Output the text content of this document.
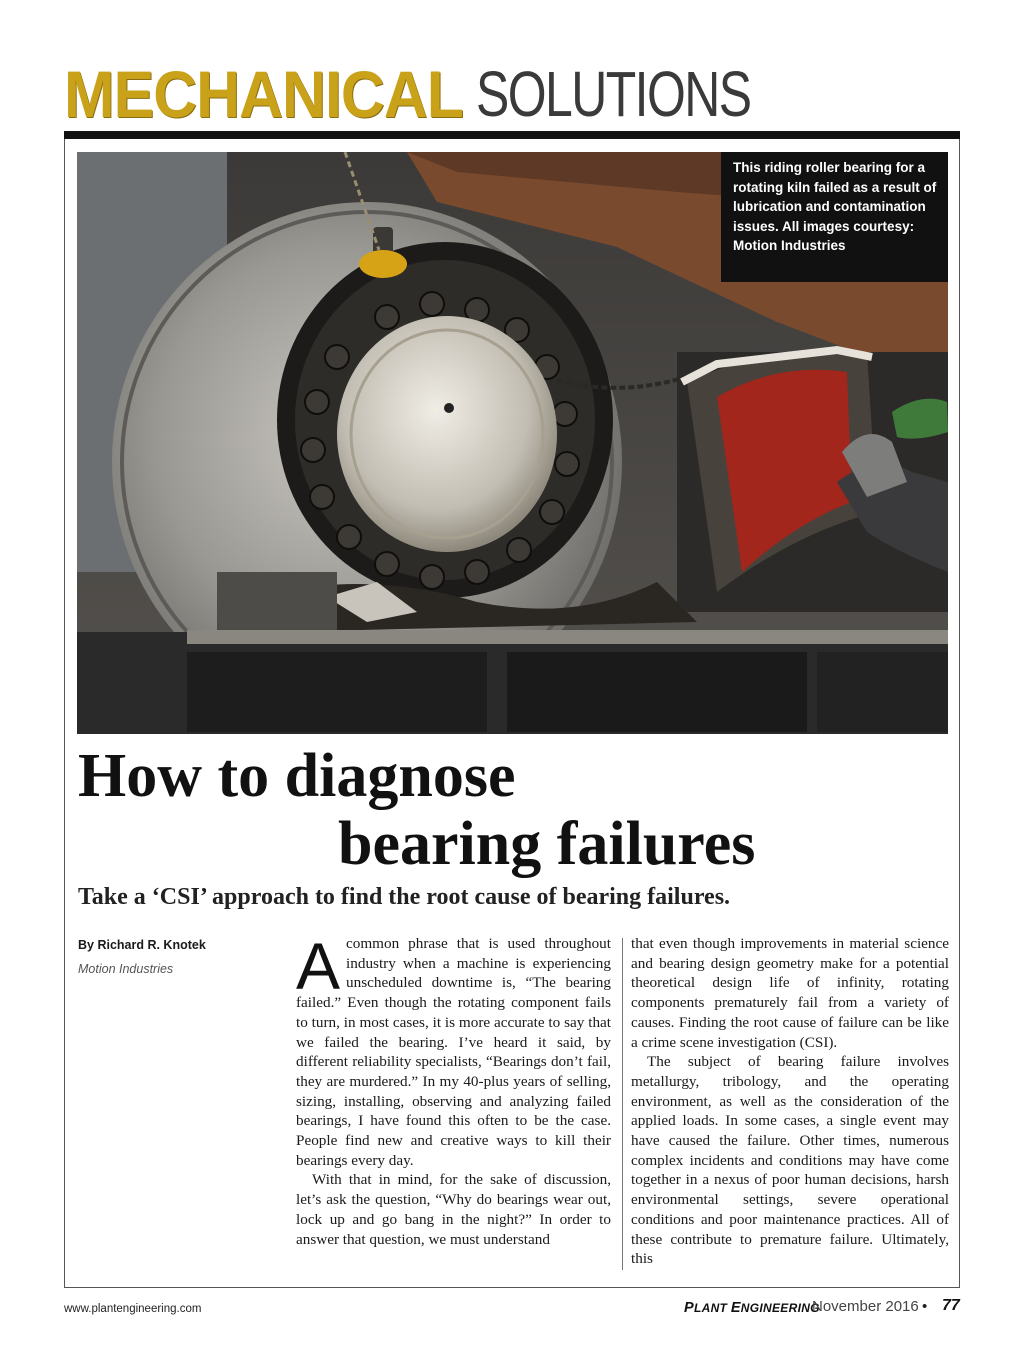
MECHANICAL SOLUTIONS
This riding roller bearing for a rotating kiln failed as a result of lubrication and contamination issues. All images courtesy: Motion Industries
How to diagnose
bearing failures
Take a ‘CSI’ approach to find the root cause of bearing failures.
By Richard R. Knotek
Motion Industries Acommon phrase that is used throughout industry when a machine is experiencing unscheduled downtime is, “The bearing failed.” Even though the rotating component fails to turn, in most cases, it is more accurate to say that we failed the bearing. I’ve heard it said, by different reliability specialists, “Bearings don’t fail, they are murdered.” In my 40-plus years of selling, sizing, installing, observing and analyzing failed bearings, I have found this often to be the case. People find new and creative ways to kill their bearings every day.

With that in mind, for the sake of discussion, let’s ask the question, “Why do bearings wear out, lock up and go bang in the night?” In order to answer that question, we must understand

that even though improvements in material science and bearing design geometry make for a potential theoretical design life of infinity, rotating components prematurely fail from a variety of causes. Finding the root cause of failure can be like a crime scene investigation (CSI).

The subject of bearing failure involves metallurgy, tribology, and the operating environment, as well as the consideration of the applied loads. In some cases, a single event may have caused the failure. Other times, numerous complex incidents and conditions may have come together in a nexus of poor human decisions, harsh environmental settings, severe operational conditions and poor maintenance practices. All of these contribute to premature failure. Ultimately, this

www.plantengineering.com	PLANT ENGINEERING
November 2016 • 77
